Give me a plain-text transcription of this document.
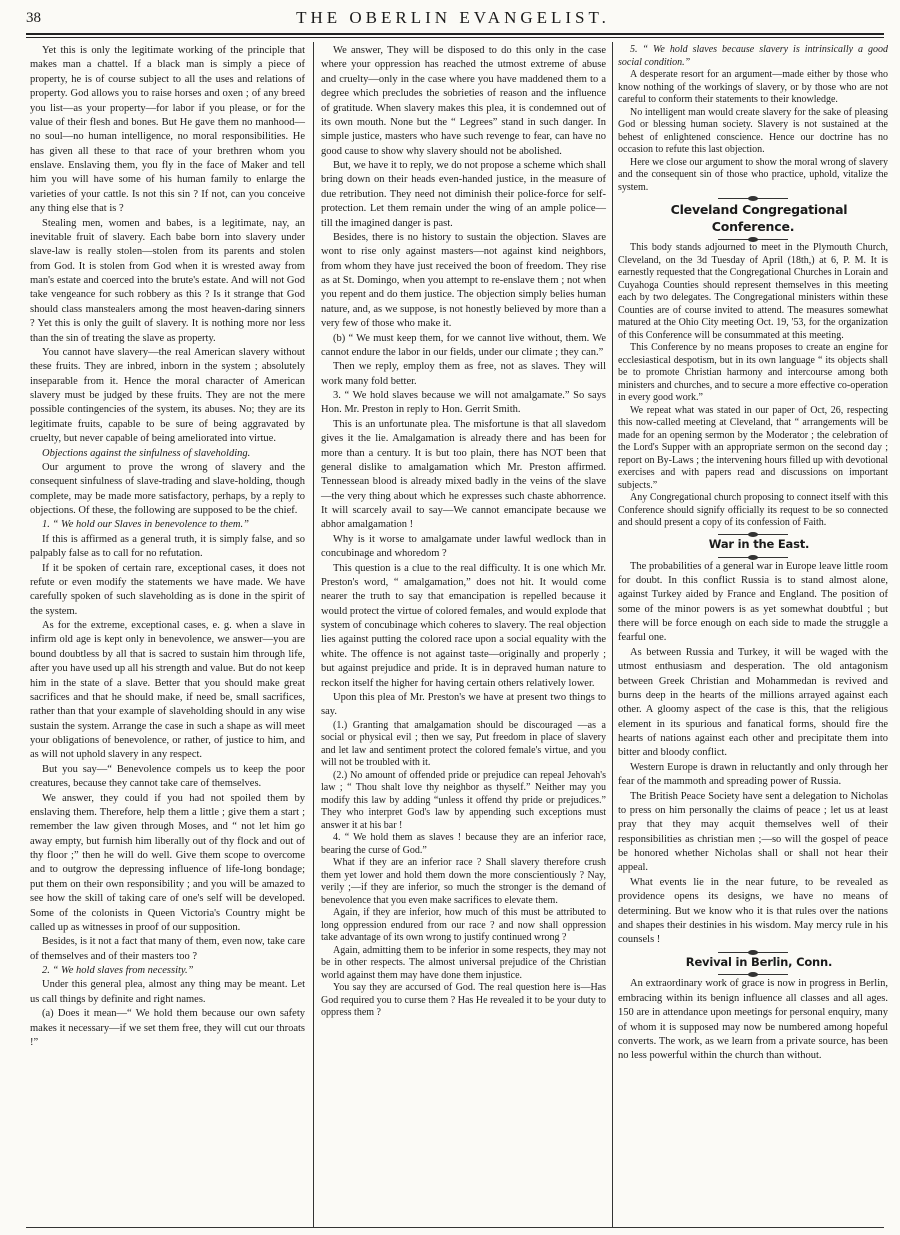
38	THE OBERLIN EVANGELIST.

Yet this is only the legitimate working of the principle that makes man a chattel. If a black man is simply a piece of property, he is of course subject to all the uses and relations of property. God allows you to raise horses and oxen ; of any breed you list—as your property—for labor if you please, or for the value of their flesh and bones. But He gave them no manhood—no soul—no human intelligence, no moral responsibilities. He has given all these to that race of your brethren whom you enslave. Enslaving them, you fly in the face of Maker and tell him you will have some of his human family to enlarge the varieties of your cattle. Is not this sin ? If not, can you conceive any thing else that is ?

Stealing men, women and babes, is a legitimate, nay, an inevitable fruit of slavery. Each babe born into slavery under slave-law is really stolen—stolen from its parents and stolen from God. It is stolen from God when it is wrested away from man's estate and coerced into the brute's estate. And will not God take vengeance for such robbery as this ? Is it strange that God should class manstealers among the most heaven-daring sinners ? Yet this is only the guilt of slavery. It is nothing more nor less than the sin of treating the slave as property.

You cannot have slavery—the real American slavery without these fruits. They are inbred, inborn in the system ; absolutely inseparable from it. Hence the moral character of American slavery must be judged by these fruits. They are not the mere possible contingencies of the system, its abuses. No; they are its legitimate fruits, capable to be sure of being aggravated by cruelty, but never capable of being ameliorated into virtue.

Objections against the sinfulness of slaveholding.

Our argument to prove the wrong of slavery and the consequent sinfulness of slave-trading and slave-holding, though complete, may be made more satisfactory, perhaps, by a reply to objections. Of these, the following are supposed to be the chief.

1. “ We hold our Slaves in benevolence to them.”

If this is affirmed as a general truth, it is simply false, and so palpably false as to call for no refutation.

If it be spoken of certain rare, exceptional cases, it does not refute or even modify the statements we have made. We have carefully spoken of such slaveholding as is done in the spirit of the system.

As for the extreme, exceptional cases, e. g. when a slave in infirm old age is kept only in benevolence, we answer—you are bound doubtless by all that is sacred to sustain him through life, after you have used up all his strength and value. But do not keep him in the state of a slave. Better that you should make great sacrifices and that he should make, if need be, small sacrifices, rather than that your example of slaveholding should in any wise sustain the system. Arrange the case in such a shape as will meet your obligations of benevolence, or rather, of justice to him, and as will not uphold slavery in any respect.

But you say—“ Benevolence compels us to keep the poor creatures, because they cannot take care of themselves.

We answer, they could if you had not spoiled them by enslaving them. Therefore, help them a little ; give them a start ; remember the law given through Moses, and “ not let him go away empty, but furnish him liberally out of thy flock and out of thy floor ;” then he will do well. Give them scope to overcome and to outgrow the depressing influence of life-long bondage; put them on their own responsibility ; and you will be amazed to see how the skill of taking care of one's self will be developed. Some of the colonists in Queen Victoria's Country might be called up as witnesses in proof of our supposition.

Besides, is it not a fact that many of them, even now, take care of themselves and of their masters too ?

2. “ We hold slaves from necessity.”

Under this general plea, almost any thing may be meant. Let us call things by definite and right names.

(a) Does it mean—“ We hold them because our own safety makes it necessary—if we set them free, they will cut our throats !”

We answer, They will be disposed to do this only in the case where your oppression has reached the utmost extreme of abuse and cruelty—only in the case where you have maddened them to a degree which precludes the sobrieties of reason and the influence of gratitude. When slavery makes this plea, it is condemned out of its own mouth. None but the “ Legrees” stand in such danger. In simple justice, masters who have such revenge to fear, can have no good cause to show why slavery should not be abolished.

But, we have it to reply, we do not propose a scheme which shall bring down on their heads even-handed justice, in the measure of due retribution. They need not diminish their police-force for self-protection. Let them remain under the wing of an ample police—till the imagined danger is past.

Besides, there is no history to sustain the objection. Slaves are wont to rise only against masters—not against kind neighbors, from whom they have just received the boon of freedom. They rise as at St. Domingo, when you attempt to re-enslave them ; not when you repent and do them justice. The objection simply belies human nature, and, as we suppose, is not honestly believed by more than a very few of those who make it.

(b) “ We must keep them, for we cannot live without, them. We cannot endure the labor in our fields, under our climate ; they can.”

Then we reply, employ them as free, not as slaves. They will work many fold better.

3. “ We hold slaves because we will not amalgamate.” So says Hon. Mr. Preston in reply to Hon. Gerrit Smith.

This is an unfortunate plea. The misfortune is that all slavedom gives it the lie. Amalgamation is already there and has been for more than a century. It is but too plain, there has NOT been that general dislike to amalgamation which Mr. Preston affirmed. Tennessean blood is already mixed badly in the veins of the slave—the very thing about which he expresses such chaste abhorrence. It will scarcely avail to say—We cannot emancipate because we abhor amalgamation !

Why is it worse to amalgamate under lawful wedlock than in concubinage and whoredom ?

This question is a clue to the real difficulty. It is one which Mr. Preston's word, “ amalgamation,” does not hit. It would come nearer the truth to say that emancipation is repelled because it would protect the virtue of colored females, and would explode that system of concubinage which coheres to slavery. The real objection lies against putting the colored race upon a social equality with the white. The offence is not against taste—originally and properly ; but against prejudice and pride. It is in depraved human nature to reckon itself the higher for having certain others relatively lower.

Upon this plea of Mr. Preston's we have at present two things to say.

(1.) Granting that amalgamation should be discouraged —as a social or physical evil ; then we say, Put freedom in place of slavery and let law and sentiment protect the colored female's virtue, and you will not be troubled with it.

(2.) No amount of offended pride or prejudice can repeal Jehovah's law ; “ Thou shalt love thy neighbor as thyself.” Neither may you modify this law by adding “unless it offend thy pride or prejudices.” They who interpret God's law by appending such exceptions must answer it at his bar !

4. “ We hold them as slaves ! because they are an inferior race, bearing the curse of God.”

What if they are an inferior race ? Shall slavery therefore crush them yet lower and hold them down the more conscientiously ? Nay, verily ;—if they are inferior, so much the stronger is the demand of benevolence that you even make sacrifices to elevate them.

Again, if they are inferior, how much of this must be attributed to long oppression endured from our race ? and now shall oppression take advantage of its own wrong to justify continued wrong ?

Again, admitting them to be inferior in some respects, they may not be in other respects. The almost universal prejudice of the Christian world against them may have done them injustice.

You say they are accursed of God. The real question here is—Has God required you to curse them ? Has He revealed it to be your duty to oppress them ?

5. “ We hold slaves because slavery is intrinsically a good social condition.”

A desperate resort for an argument—made either by those who know nothing of the workings of slavery, or by those who are not careful to conform their statements to their knowledge.

No intelligent man would create slavery for the sake of pleasing God or blessing human society. Slavery is not sustained at the behest of enlightened conscience. Hence our doctrine has no occasion to refute this last objection.

Here we close our argument to show the moral wrong of slavery and the consequent sin of those who practice, uphold, vitalize the system.

Cleveland Congregational Conference.

This body stands adjourned to meet in the Plymouth Church, Cleveland, on the 3d Tuesday of April (18th,) at 6, P. M. It is earnestly requested that the Congregational Churches in Lorain and Cuyahoga Counties should represent themselves in this meeting each by two delegates. The Congregational ministers within these Counties are of course invited to attend. The measures somewhat matured at the Ohio City meeting Oct. 19, '53, for the organization of this Conference will be consummated at this meeting.

This Conference by no means proposes to create an engine for ecclesiastical despotism, but in its own language “ its objects shall be to promote Christian harmony and intercourse among both ministers and churches, and to secure a more effective co-operation in every good work.”

We repeat what was stated in our paper of Oct, 26, respecting this now-called meeting at Cleveland, that “ arrangements will be made for an opening sermon by the Moderator ; the celebration of the Lord's Supper with an appropriate sermon on the second day ; report on By-Laws ; the intervening hours filled up with devotional exercises and with papers read and discussions on important subjects.”

Any Congregational church proposing to connect itself with this Conference should signify officially its request to be so connected and should present a copy of its confession of Faith.

War in the East.

The probabilities of a general war in Europe leave little room for doubt. In this conflict Russia is to stand almost alone, against Turkey aided by France and England. The position of some of the minor powers is as yet somewhat doubtful ; but there will be force enough on each side to made the struggle a fearful one.

As between Russia and Turkey, it will be waged with the utmost enthusiasm and desperation. The old antagonism between Greek Christian and Mohammedan is revived and burns deep in the hearts of the millions arrayed against each other. A gloomy aspect of the case is this, that the religious element in its spurious and fanatical forms, should fire the hearts of nations against each other and precipitate them into bitter and bloody conflict.

Western Europe is drawn in reluctantly and only through her fear of the mammoth and spreading power of Russia.

The British Peace Society have sent a delegation to Nicholas to press on him personally the claims of peace ; let us at least pray that they may acquit themselves well of their responsibilities as christian men ;—so will the gospel of peace be honored whether Nicholas shall or shall not hear their appeal.

What events lie in the near future, to be revealed as providence opens its designs, we have no means of determining. But we know who it is that rules over the nations and shapes their destinies in his wisdom. May mercy rule in his counsels !

Revival in Berlin, Conn.

An extraordinary work of grace is now in progress in Berlin, embracing within its benign influence all classes and all ages. 150 are in attendance upon meetings for personal enquiry, many of whom it is supposed may now be numbered among hopeful converts. The work, as we learn from a private source, has been no less powerful within the church than without.
